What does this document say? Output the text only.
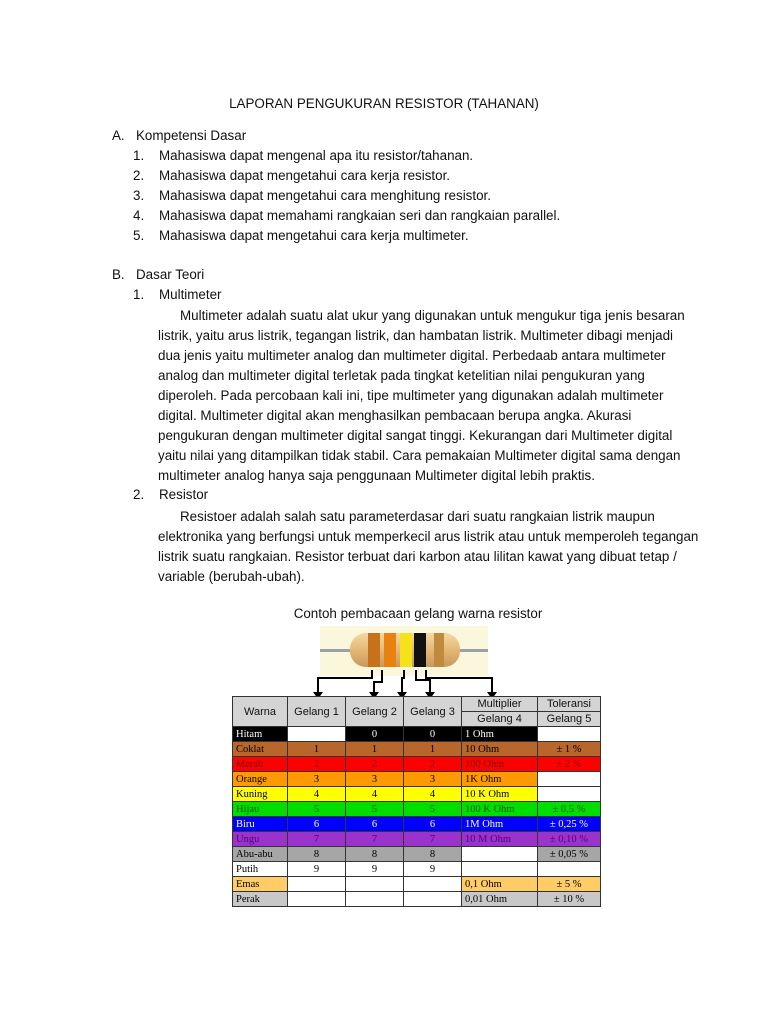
LAPORAN PENGUKURAN RESISTOR (TAHANAN)
A. Kompetensi Dasar
1. Mahasiswa dapat mengenal apa itu resistor/tahanan.
2. Mahasiswa dapat mengetahui cara kerja resistor.
3. Mahasiswa dapat mengetahui cara menghitung resistor.
4. Mahasiswa dapat memahami rangkaian seri dan rangkaian parallel.
5. Mahasiswa dapat mengetahui cara kerja multimeter.
B. Dasar Teori
1. Multimeter
Multimeter adalah suatu alat ukur yang digunakan untuk mengukur tiga jenis besaran
listrik, yaitu arus listrik, tegangan listrik, dan hambatan listrik. Multimeter dibagi menjadi
dua jenis yaitu multimeter analog dan multimeter digital. Perbedaab antara multimeter
analog dan multimeter digital terletak pada tingkat ketelitian nilai pengukuran yang
diperoleh. Pada percobaan kali ini, tipe multimeter yang digunakan adalah multimeter
digital. Multimeter digital akan menghasilkan pembacaan berupa angka. Akurasi
pengukuran dengan multimeter digital sangat tinggi. Kekurangan dari Multimeter digital
yaitu nilai yang ditampilkan tidak stabil. Cara pemakaian Multimeter digital sama dengan
multimeter analog hanya saja penggunaan Multimeter digital lebih praktis.
2. Resistor
Resistoer adalah salah satu parameterdasar dari suatu rangkaian listrik maupun
elektronika yang berfungsi untuk memperkecil arus listrik atau untuk memperoleh tegangan
listrik suatu rangkaian. Resistor terbuat dari karbon atau lilitan kawat yang dibuat tetap /
variable (berubah-ubah).
Contoh pembacaan gelang warna resistor
Warna	Gelang 1	Gelang 2	Gelang 3	Multiplier	Toleransi
				Gelang 4	Gelang 5
Hitam		0	0	1 Ohm	
Coklat	1	1	1	10 Ohm	± 1 %
Merah	2	2	2	100 Ohm	± 2 %
Orange	3	3	3	1K Ohm	
Kuning	4	4	4	10 K Ohm	
Hijau	5	5	5	100 K Ohm	± 0,5 %
Biru	6	6	6	1M Ohm	± 0,25 %
Ungu	7	7	7	10 M Ohm	± 0,10 %
Abu-abu	8	8	8		± 0,05 %
Putih	9	9	9		
Emas				0,1 Ohm	± 5 %
Perak				0,01 Ohm	± 10 %
